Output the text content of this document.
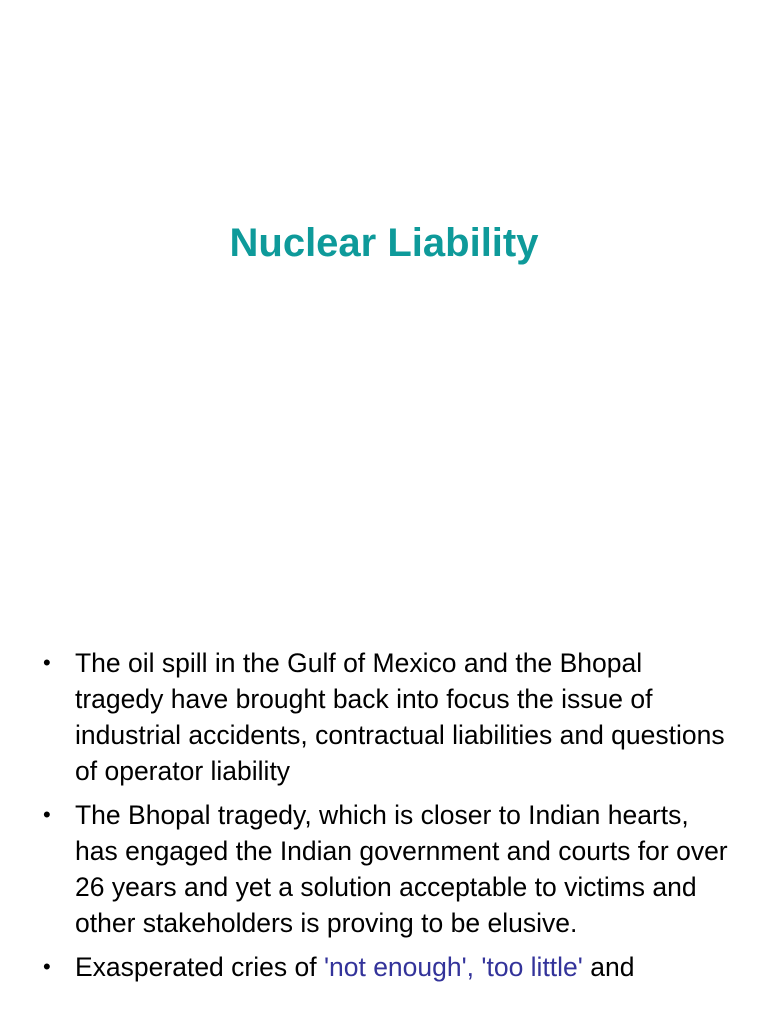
Nuclear Liability
• The oil spill in the Gulf of Mexico and the Bhopal tragedy have brought back into focus the issue of industrial accidents, contractual liabilities and questions of operator liability
• The Bhopal tragedy, which is closer to Indian hearts, has engaged the Indian government and courts for over 26 years and yet a solution acceptable to victims and other stakeholders is proving to be elusive.
• Exasperated cries of 'not enough', 'too little' and
